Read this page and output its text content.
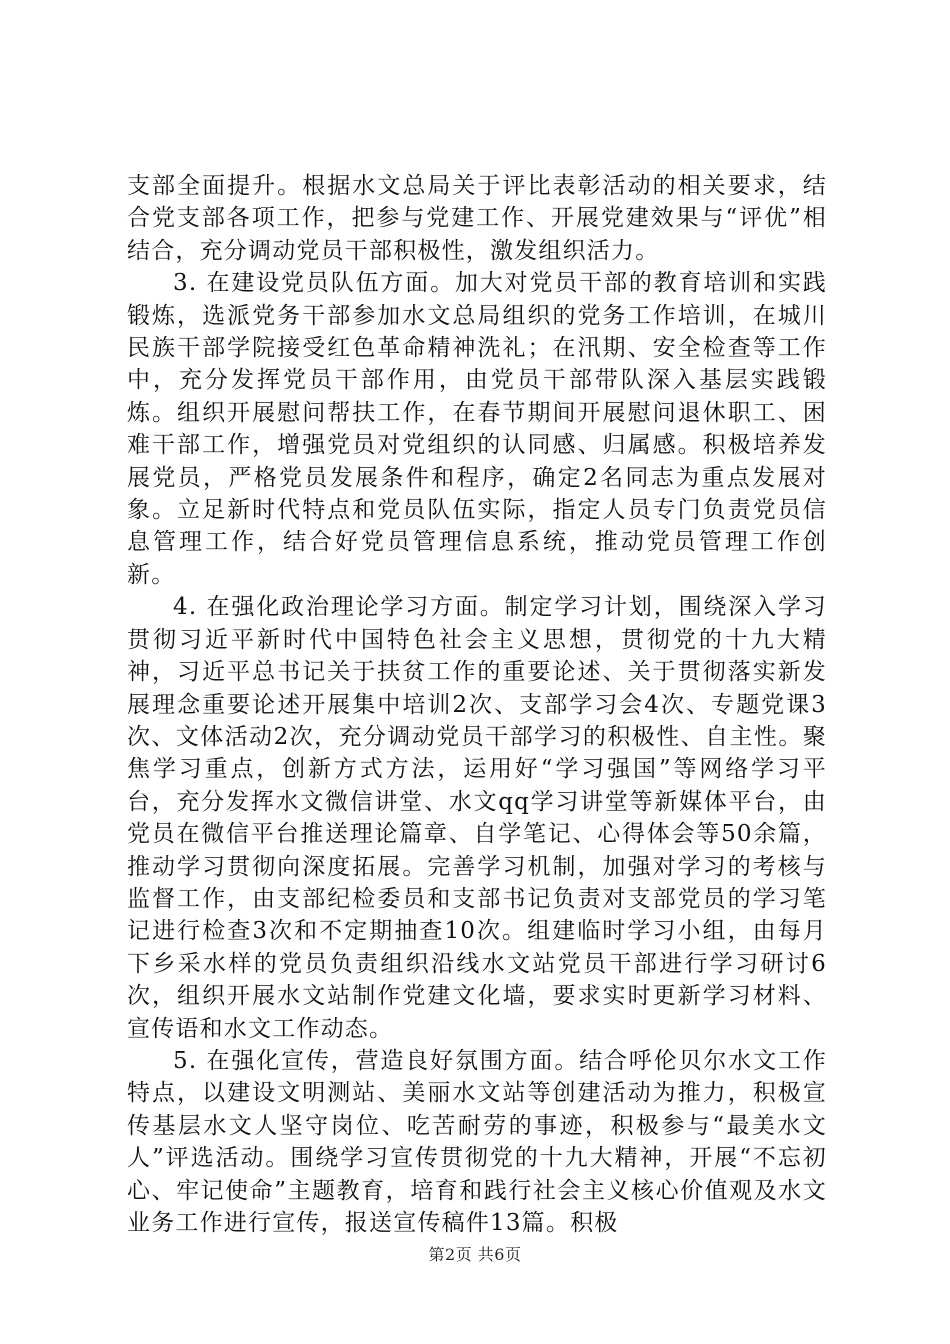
支部全面提升。根据水文总局关于评比表彰活动的相关要求，结合党支部各项工作，把参与党建工作、开展党建效果与“评优”相结合，充分调动党员干部积极性，激发组织活力。

3. 在建设党员队伍方面。加大对党员干部的教育培训和实践锻炼，选派党务干部参加水文总局组织的党务工作培训，在城川民族干部学院接受红色革命精神洗礼；在汛期、安全检查等工作中，充分发挥党员干部作用，由党员干部带队深入基层实践锻炼。组织开展慰问帮扶工作，在春节期间开展慰问退休职工、困难干部工作，增强党员对党组织的认同感、归属感。积极培养发展党员，严格党员发展条件和程序，确定2名同志为重点发展对象。立足新时代特点和党员队伍实际，指定人员专门负责党员信息管理工作，结合好党员管理信息系统，推动党员管理工作创新。

4. 在强化政治理论学习方面。制定学习计划，围绕深入学习贯彻习近平新时代中国特色社会主义思想，贯彻党的十九大精神，习近平总书记关于扶贫工作的重要论述、关于贯彻落实新发展理念重要论述开展集中培训2次、支部学习会4次、专题党课3次、文体活动2次，充分调动党员干部学习的积极性、自主性。聚焦学习重点，创新方式方法，运用好“学习强国”等网络学习平台，充分发挥水文微信讲堂、水文qq学习讲堂等新媒体平台，由党员在微信平台推送理论篇章、自学笔记、心得体会等50余篇，推动学习贯彻向深度拓展。完善学习机制，加强对学习的考核与监督工作，由支部纪检委员和支部书记负责对支部党员的学习笔记进行检查3次和不定期抽查10次。组建临时学习小组，由每月下乡采水样的党员负责组织沿线水文站党员干部进行学习研讨6次，组织开展水文站制作党建文化墙，要求实时更新学习材料、宣传语和水文工作动态。

5. 在强化宣传，营造良好氛围方面。结合呼伦贝尔水文工作特点，以建设文明测站、美丽水文站等创建活动为推力，积极宣传基层水文人坚守岗位、吃苦耐劳的事迹，积极参与“最美水文人”评选活动。围绕学习宣传贯彻党的十九大精神，开展“不忘初心、牢记使命”主题教育，培育和践行社会主义核心价值观及水文业务工作进行宣传，报送宣传稿件13篇。积极

第2页 共6页
